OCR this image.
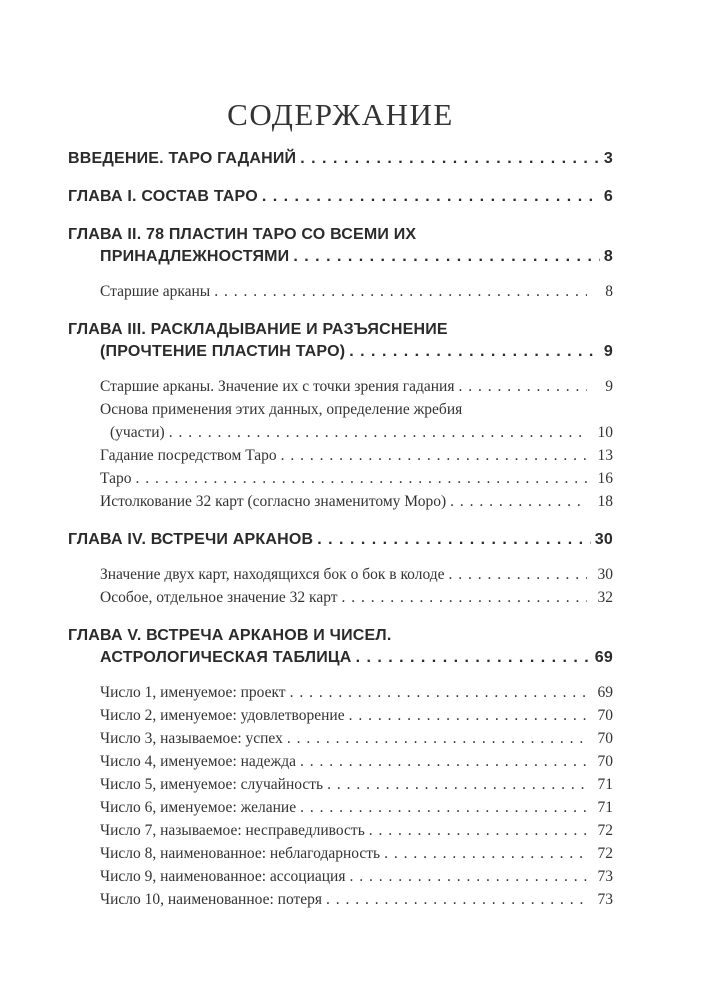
СОДЕРЖАНИЕ
ВВЕДЕНИЕ. ТАРО ГАДАНИЙ . . .	3
ГЛАВА I. СОСТАВ ТАРО . . .	6
ГЛАВА II. 78 ПЛАСТИН ТАРО СО ВСЕМИ ИХ
ПРИНАДЛЕЖНОСТЯМИ . . .	8
Старшие арканы . . .	8
ГЛАВА III. РАСКЛАДЫВАНИЕ И РАЗЪЯСНЕНИЕ
(ПРОЧТЕНИЕ ПЛАСТИН ТАРО) . . .	9
Старшие арканы. Значение их с точки зрения гадания . . .	9
Основа применения этих данных, определение жребия
(участи) . . .	10
Гадание посредством Таро . . .	13
Таро . . .	16
Истолкование 32 карт (согласно знаменитому Моро) . . .	18
ГЛАВА IV. ВСТРЕЧИ АРКАНОВ . . .	30
Значение двух карт, находящихся бок о бок в колоде . . .	30
Особое, отдельное значение 32 карт . . .	32
ГЛАВА V. ВСТРЕЧА АРКАНОВ И ЧИСЕЛ.
АСТРОЛОГИЧЕСКАЯ ТАБЛИЦА . . .	69
Число 1, именуемое: проект . . .	69
Число 2, именуемое: удовлетворение . . .	70
Число 3, называемое: успех . . .	70
Число 4, именуемое: надежда . . .	70
Число 5, именуемое: случайность . . .	71
Число 6, именуемое: желание . . .	71
Число 7, называемое: несправедливость . . .	72
Число 8, наименованное: неблагодарность . . .	72
Число 9, наименованное: ассоциация . . .	73
Число 10, наименованное: потеря . . .	73
